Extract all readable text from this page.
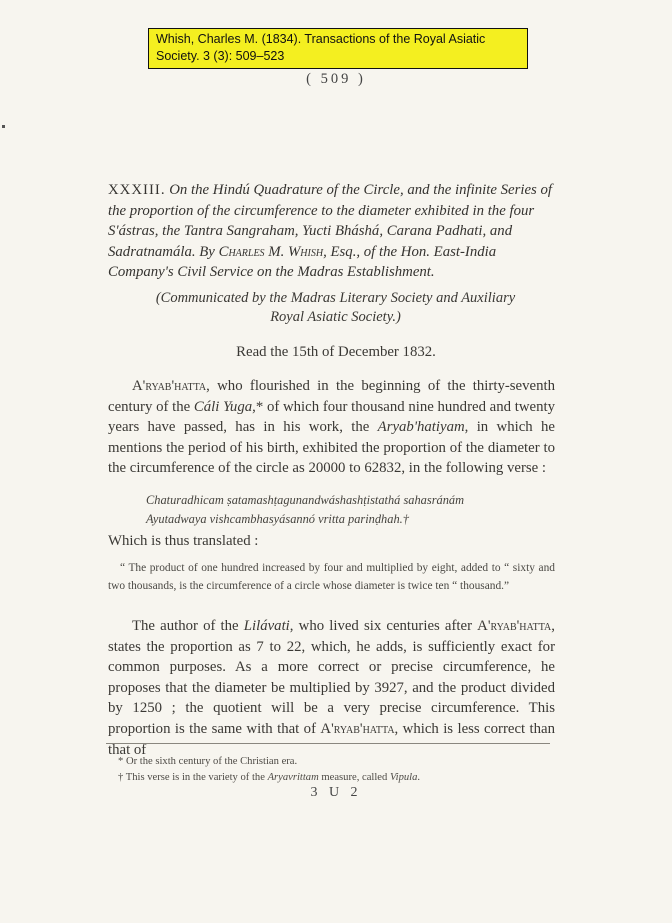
Whish, Charles M. (1834). Transactions of the Royal Asiatic
Society. 3 (3): 509–523
( 509 )
XXXIII. On the Hindú Quadrature of the Circle, and the infinite Series of the proportion of the circumference to the diameter exhibited in the four S'ástras, the Tantra Sangraham, Yucti Bháshá, Carana Padhati, and Sadratnamála. By Charles M. Whish, Esq., of the Hon. East-India Company's Civil Service on the Madras Establishment.
(Communicated by the Madras Literary Society and Auxiliary
Royal Asiatic Society.)
Read the 15th of December 1832.
A'ryab'hatta, who flourished in the beginning of the thirty-seventh century of the Cáli Yuga,* of which four thousand nine hundred and twenty years have passed, has in his work, the Aryab'hatiyam, in which he mentions the period of his birth, exhibited the proportion of the diameter to the circumference of the circle as 20000 to 62832, in the following verse :
Chaturadhicam ṣatamashṭagunandwáshashṭistathá sahasránám
Ayutadwaya vishcambhasyásannó vritta parinḍhah.†
Which is thus translated :
“ The product of one hundred increased by four and multiplied by eight, added to “ sixty and two thousands, is the circumference of a circle whose diameter is twice ten “ thousand.”
The author of the Lilávati, who lived six centuries after A'ryab'hatta, states the proportion as 7 to 22, which, he adds, is sufficiently exact for common purposes. As a more correct or precise circumference, he proposes that the diameter be multiplied by 3927, and the product divided by 1250 ; the quotient will be a very precise circumference. This proportion is the same with that of A'ryab'hatta, which is less correct than that of
* Or the sixth century of the Christian era.
† This verse is in the variety of the Aryavrittam measure, called Vipula.
3 U 2
